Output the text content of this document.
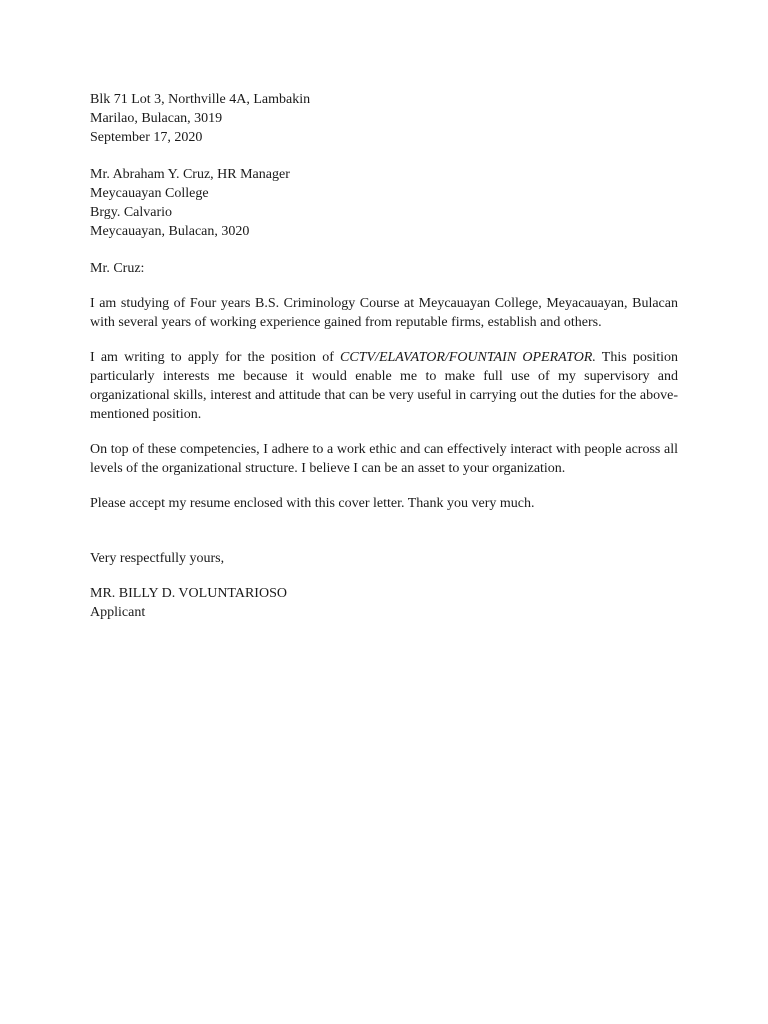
Blk 71 Lot 3, Northville 4A, Lambakin
Marilao, Bulacan, 3019
September 17, 2020
Mr. Abraham Y. Cruz, HR Manager
Meycauayan College
Brgy. Calvario
Meycauayan, Bulacan, 3020
Mr. Cruz:
I am studying of Four years B.S. Criminology Course at Meycauayan College, Meyacauayan, Bulacan
with several years of working experience gained from reputable firms, establish and others.
I am writing to apply for the position of CCTV/ELAVATOR/FOUNTAIN OPERATOR. This position
particularly interests me because it would enable me to make full use of my supervisory and
organizational skills, interest and attitude that can be very useful in carrying out the duties for the above-
mentioned position.
On top of these competencies, I adhere to a work ethic and can effectively interact with people across all
levels of the organizational structure. I believe I can be an asset to your organization.
Please accept my resume enclosed with this cover letter. Thank you very much.
Very respectfully yours,
MR. BILLY D. VOLUNTARIOSO
Applicant
